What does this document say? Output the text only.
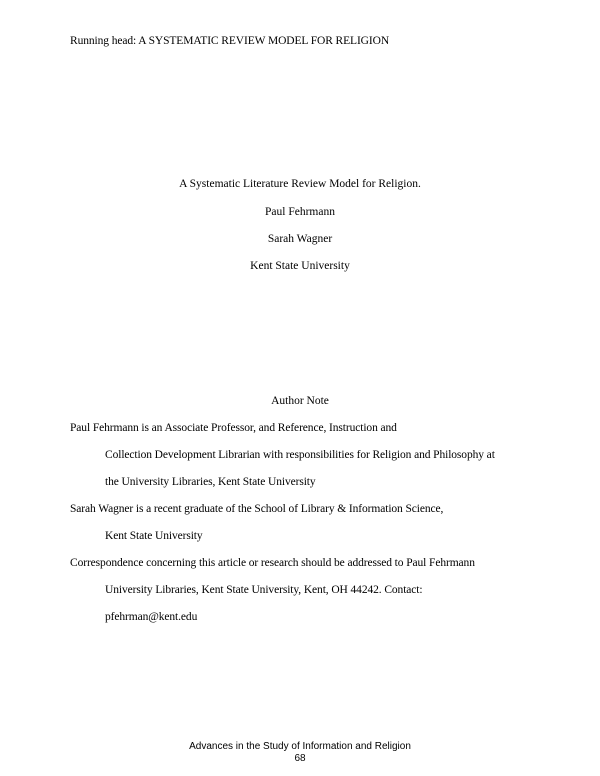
Running head: A SYSTEMATIC REVIEW MODEL FOR RELIGION
A Systematic Literature Review Model for Religion.
Paul Fehrmann
Sarah Wagner
Kent State University
Author Note
Paul Fehrmann is an Associate Professor, and Reference, Instruction and
Collection Development Librarian with responsibilities for Religion and Philosophy at
the University Libraries, Kent State University
Sarah Wagner is a recent graduate of the School of Library & Information Science,
Kent State University
Correspondence concerning this article or research should be addressed to Paul Fehrmann
University Libraries, Kent State University, Kent, OH 44242. Contact:
pfehrman@kent.edu
Advances in the Study of Information and Religion
68
